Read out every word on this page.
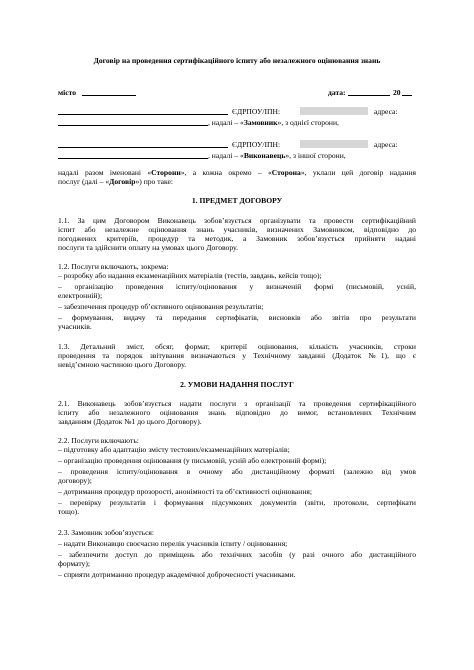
Договір на проведення сертифікаційного іспиту або незалежного оцінювання знань
місто	дата:	20
ЄДРПОУ/ІПН:	адреса:
, надалі – «Замовник», з однієї сторони,
ЄДРПОУ/ІПН:	адреса:
, надалі – «Виконавець», з іншої сторони,
надалі разом іменовані «Сторони», а кожна окремо – «Сторона», уклали цей договір надання
послуг (далі – «Договір») про таке:
1. ПРЕДМЕТ ДОГОВОРУ
1.1. За цим Договором Виконавець зобов’язується організувати та провести сертифікаційний
іспит або незалежне оцінювання знань учасників, визначених Замовником, відповідно до
погоджених критеріїв, процедур та методик, а Замовник зобов’язується прийняти надані
послуги та здійснити оплату на умовах цього Договору.
1.2. Послуги включають, зокрема:
– розробку або надання екзаменаційних матеріалів (тестів, завдань, кейсів тощо);
– організацію проведення іспиту/оцінювання у визначеній формі (письмовій, усній,
електронній);
– забезпечення процедур об’єктивного оцінювання результатів;
– формування, видачу та передання сертифікатів, висновків або звітів про результати
учасників.
1.3. Детальний зміст, обсяг, формат, критерії оцінювання, кількість учасників, строки
проведення та порядок звітування визначаються у Технічному завданні (Додаток №1), що є
невід’ємною частиною цього Договору.
2. УМОВИ НАДАННЯ ПОСЛУГ
2.1. Виконавець зобов’язується надати послуги з організації та проведення сертифікаційного
іспиту або незалежного оцінювання знань відповідно до вимог, встановлених Технічним
завданням (Додаток №1 до цього Договору).
2.2. Послуги включають:
– підготовку або адаптацію змісту тестових/екзаменаційних матеріалів;
– організацію проведення оцінювання (у письмовій, усній або електронній формі);
– проведення іспиту/оцінювання в очному або дистанційному форматі (залежно від умов
договору);
– дотримання процедур прозорості, анонімності та об’єктивності оцінювання;
– перевірку результатів і формування підсумкових документів (звіти, протоколи, сертифікати
тощо).
2.3. Замовник зобов’язується:
– надати Виконавцю своєчасно перелік учасників іспиту / оцінювання;
– забезпечити доступ до приміщень або технічних засобів (у разі очного або дистанційного
формату);
– сприяти дотриманню процедур академічної доброчесності учасниками.
